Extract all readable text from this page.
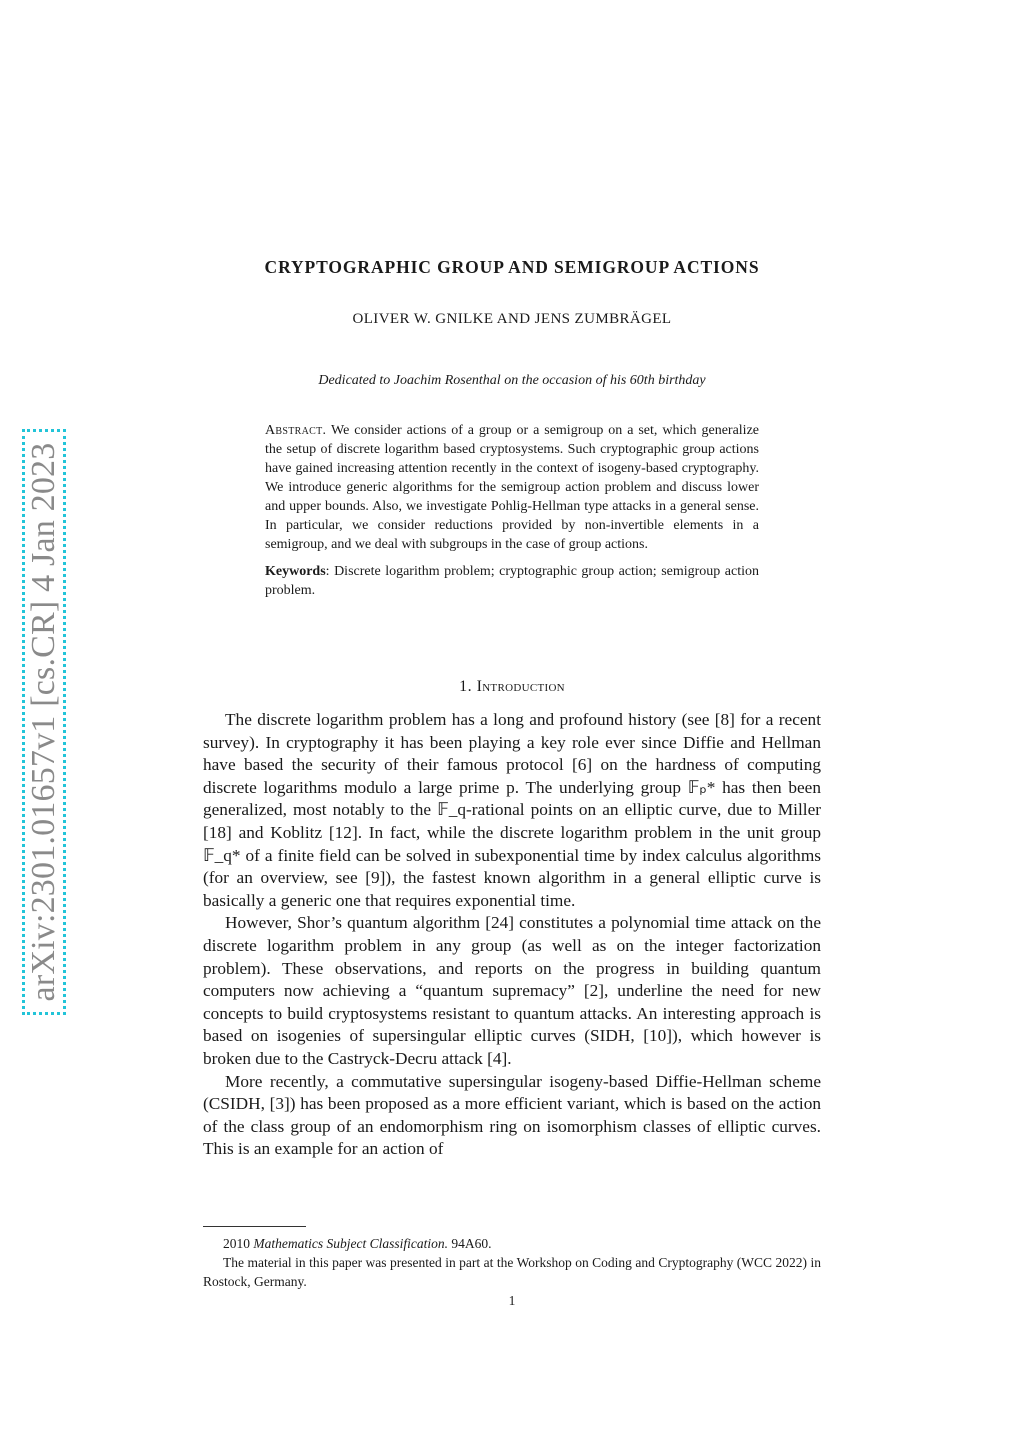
arXiv:2301.01657v1 [cs.CR] 4 Jan 2023
CRYPTOGRAPHIC GROUP AND SEMIGROUP ACTIONS
OLIVER W. GNILKE AND JENS ZUMBRÄGEL
Dedicated to Joachim Rosenthal on the occasion of his 60th birthday

Abstract. We consider actions of a group or a semigroup on a set, which generalize the setup of discrete logarithm based cryptosystems. Such cryptographic group actions have gained increasing attention recently in the context of isogeny-based cryptography. We introduce generic algorithms for the semigroup action problem and discuss lower and upper bounds. Also, we investigate Pohlig-Hellman type attacks in a general sense. In particular, we consider reductions provided by non-invertible elements in a semigroup, and we deal with subgroups in the case of group actions.

Keywords: Discrete logarithm problem; cryptographic group action; semigroup action problem.

1. Introduction

The discrete logarithm problem has a long and profound history (see [8] for a recent survey). In cryptography it has been playing a key role ever since Diffie and Hellman have based the security of their famous protocol [6] on the hardness of computing discrete logarithms modulo a large prime p. The underlying group 𝔽ₚ* has then been generalized, most notably to the 𝔽_q-rational points on an elliptic curve, due to Miller [18] and Koblitz [12]. In fact, while the discrete logarithm problem in the unit group 𝔽_q* of a finite field can be solved in subexponential time by index calculus algorithms (for an overview, see [9]), the fastest known algorithm in a general elliptic curve is basically a generic one that requires exponential time.

However, Shor’s quantum algorithm [24] constitutes a polynomial time attack on the discrete logarithm problem in any group (as well as on the integer factorization problem). These observations, and reports on the progress in building quantum computers now achieving a “quantum supremacy” [2], underline the need for new concepts to build cryptosystems resistant to quantum attacks. An interesting approach is based on isogenies of supersingular elliptic curves (SIDH, [10]), which however is broken due to the Castryck-Decru attack [4].

More recently, a commutative supersingular isogeny-based Diffie-Hellman scheme (CSIDH, [3]) has been proposed as a more efficient variant, which is based on the action of the class group of an endomorphism ring on isomorphism classes of elliptic curves. This is an example for an action of

2010 Mathematics Subject Classification. 94A60.

The material in this paper was presented in part at the Workshop on Coding and Cryptography (WCC 2022) in Rostock, Germany.

1
